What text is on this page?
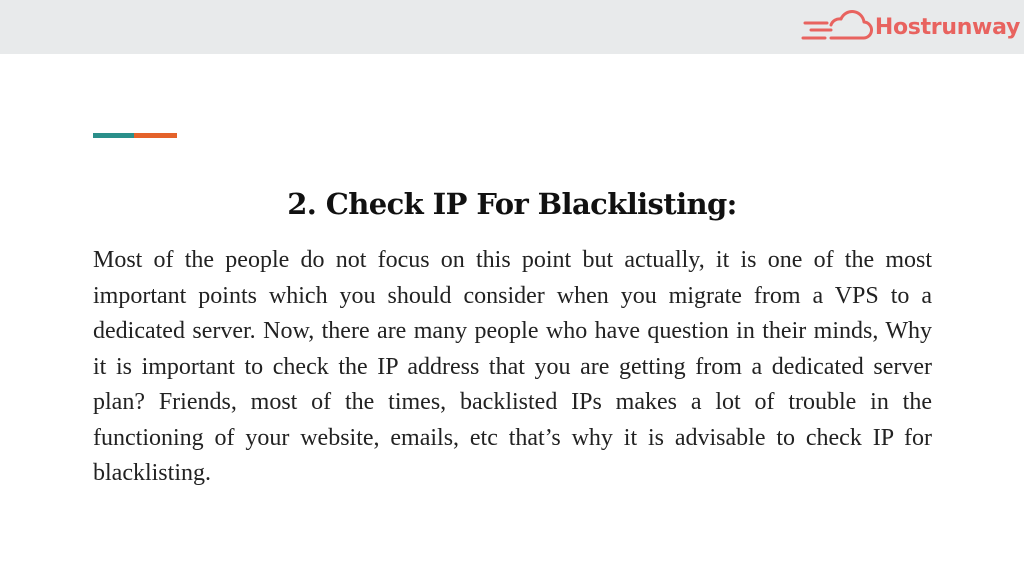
Hostrunway
2. Check IP For Blacklisting:

Most of the people do not focus on this point but actually, it is one of the most important points which you should consider when you migrate from a VPS to a dedicated server. Now, there are many people who have question in their minds, Why it is important to check the IP address that you are getting from a dedicated server plan? Friends, most of the times, backlisted IPs makes a lot of trouble in the functioning of your website, emails, etc that’s why it is advisable to check IP for blacklisting.
